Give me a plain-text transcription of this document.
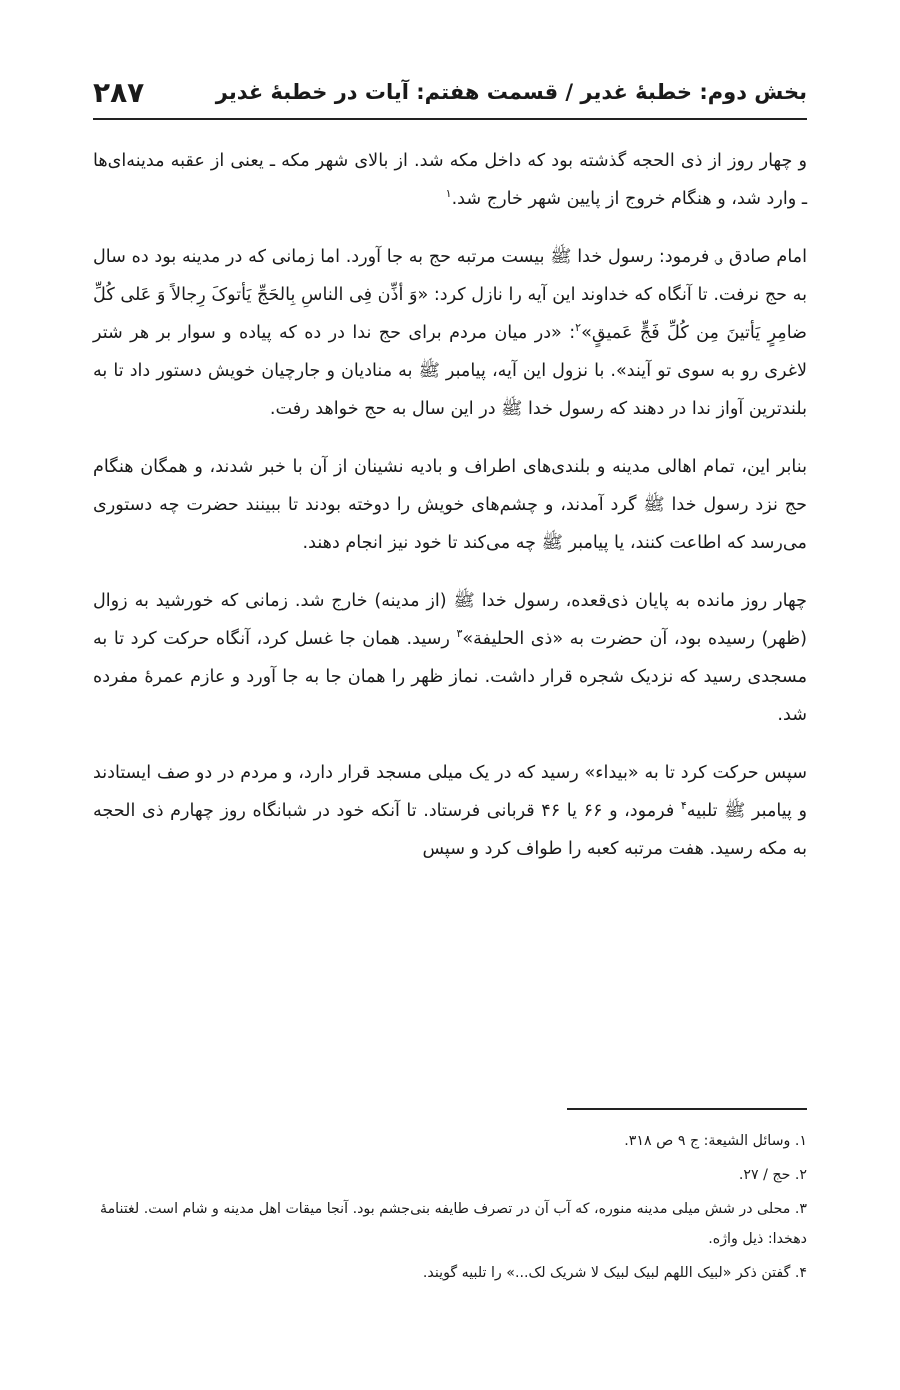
بخش دوم: خطبهٔ غدیر / قسمت هفتم: آیات در خطبهٔ غدیر
۲۸۷

و چهار روز از ذی الحجه گذشته بود که داخل مکه شد. از بالای شهر مکه ـ یعنی از عقبه مدینه‌ای‌ها ـ وارد شد، و هنگام خروج از پایین شهر خارج شد.$^۱$

امام صادق ؈ فرمود: رسول خدا ﷺ بیست مرتبه حج به جا آورد. اما زمانی که در مدینه بود ده سال به حج نرفت. تا آنگاه که خداوند این آیه را نازل کرد: «وَ أذِّن فِی الناسِ بِالحَجِّ یَأتوکَ رِجالاً وَ عَلی کُلِّ ضامِرٍ یَأتینَ مِن کُلِّ فَجٍّ عَمیقٍ»$^۲$: «در میان مردم برای حج ندا در ده که پیاده و سوار بر هر شتر لاغری رو به سوی تو آیند». با نزول این آیه، پیامبر ﷺ به منادیان و جارچیان خویش دستور داد تا به بلندترین آواز ندا در دهند که رسول خدا ﷺ در این سال به حج خواهد رفت.

بنابر این، تمام اهالی مدینه و بلندی‌های اطراف و بادیه نشینان از آن با خبر شدند، و همگان هنگام حج نزد رسول خدا ﷺ گرد آمدند، و چشم‌های خویش را دوخته بودند تا ببینند حضرت چه دستوری می‌رسد که اطاعت کنند، یا پیامبر ﷺ چه می‌کند تا خود نیز انجام دهند.

چهار روز مانده به پایان ذی‌قعده، رسول خدا ﷺ (از مدینه) خارج شد. زمانی که خورشید به زوال (ظهر) رسیده بود، آن حضرت به «ذی الحلیفة»$^۳$ رسید. همان جا غسل کرد، آنگاه حرکت کرد تا به مسجدی رسید که نزدیک شجره قرار داشت. نماز ظهر را همان جا به جا آورد و عازم عمرهٔ مفرده شد.

سپس حرکت کرد تا به «بیداء» رسید که در یک میلی مسجد قرار دارد، و مردم در دو صف ایستادند و پیامبر ﷺ تلبیه$^۴$ فرمود، و ۶۶ یا ۴۶ قربانی فرستاد. تا آنکه خود در شبانگاه روز چهارم ذی الحجه به مکه رسید. هفت مرتبه کعبه را طواف کرد و سپس

۱. وسائل الشیعة: ج ۹ ص ۳۱۸.
۲. حج / ۲۷.
۳. محلی در شش میلی مدینه منوره، که آب آن در تصرف طایفه بنی‌جشم بود. آنجا میقات اهل مدینه و شام است. لغتنامهٔ دهخدا: ذیل واژه.
۴. گفتن ذکر «لبیک اللهم لبیک لبیک لا شریک لک...» را تلبیه گویند.
